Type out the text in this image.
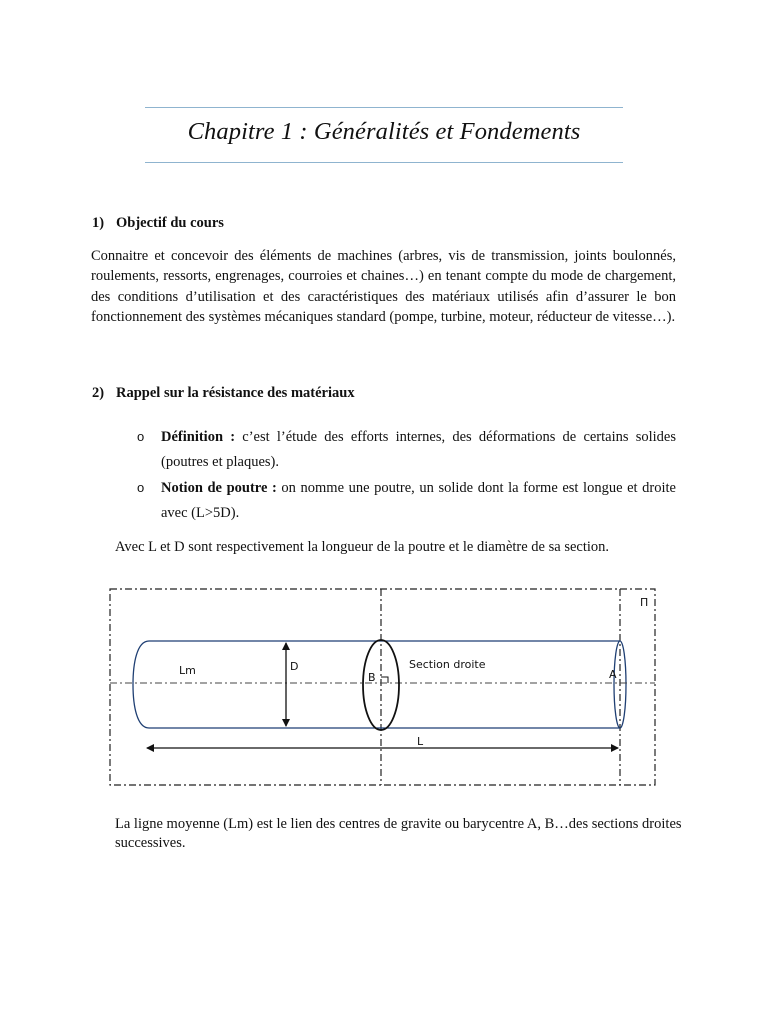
Chapitre 1 : Généralités et Fondements
1) Objectif du cours
Connaitre et concevoir des éléments de machines (arbres, vis de transmission, joints boulonnés, roulements, ressorts, engrenages, courroies et chaines…) en tenant compte du mode de chargement, des conditions d’utilisation et des caractéristiques des matériaux utilisés afin d’assurer le bon fonctionnement des systèmes mécaniques standard (pompe, turbine, moteur, réducteur de vitesse…).
2) Rappel sur la résistance des matériaux
o Définition : c’est l’étude des efforts internes, des déformations de certains solides (poutres et plaques).
o Notion de poutre : on nomme une poutre, un solide dont la forme est longue et droite avec (L>5D).
Avec L et D sont respectivement la longueur de la poutre et le diamètre de sa section.
Π
Lm	D	Section droite
B	A
L
La ligne moyenne (Lm) est le lien des centres de gravite ou barycentre A, B…des sections droites successives.
